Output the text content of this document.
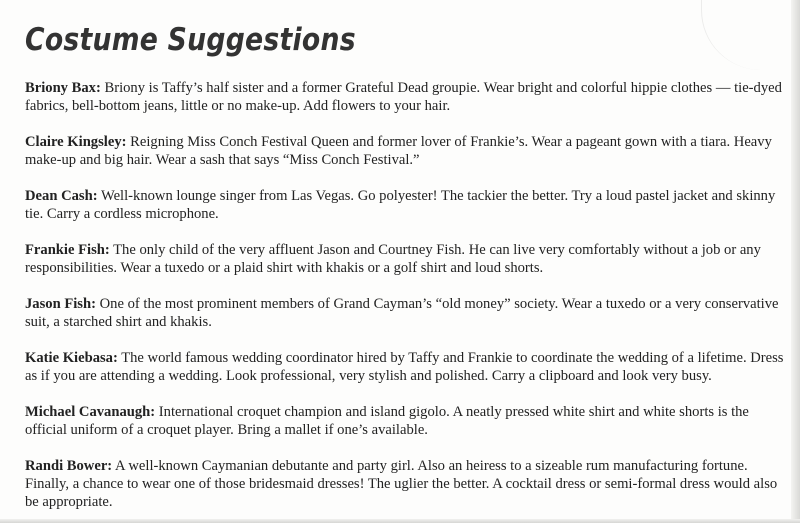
Costume Suggestions

Briony Bax: Briony is Taffy’s half sister and a former Grateful Dead groupie. Wear bright and colorful hippie clothes — tie-dyed fabrics, bell-bottom jeans, little or no make-up. Add flowers to your hair.

Claire Kingsley: Reigning Miss Conch Festival Queen and former lover of Frankie’s. Wear a pageant gown with a tiara. Heavy make-up and big hair. Wear a sash that says “Miss Conch Festival.”

Dean Cash: Well-known lounge singer from Las Vegas. Go polyester! The tackier the better. Try a loud pastel jacket and skinny tie. Carry a cordless microphone.

Frankie Fish: The only child of the very affluent Jason and Courtney Fish. He can live very comfortably without a job or any responsibilities. Wear a tuxedo or a plaid shirt with khakis or a golf shirt and loud shorts.

Jason Fish: One of the most prominent members of Grand Cayman’s “old money” society. Wear a tuxedo or a very conservative suit, a starched shirt and khakis.

Katie Kiebasa: The world famous wedding coordinator hired by Taffy and Frankie to coordinate the wedding of a lifetime. Dress as if you are attending a wedding. Look professional, very stylish and polished. Carry a clipboard and look very busy.

Michael Cavanaugh: International croquet champion and island gigolo. A neatly pressed white shirt and white shorts is the official uniform of a croquet player. Bring a mallet if one’s available.

Randi Bower: A well-known Caymanian debutante and party girl. Also an heiress to a sizeable rum manufacturing fortune. Finally, a chance to wear one of those bridesmaid dresses! The uglier the better. A cocktail dress or semi-formal dress would also be appropriate.
